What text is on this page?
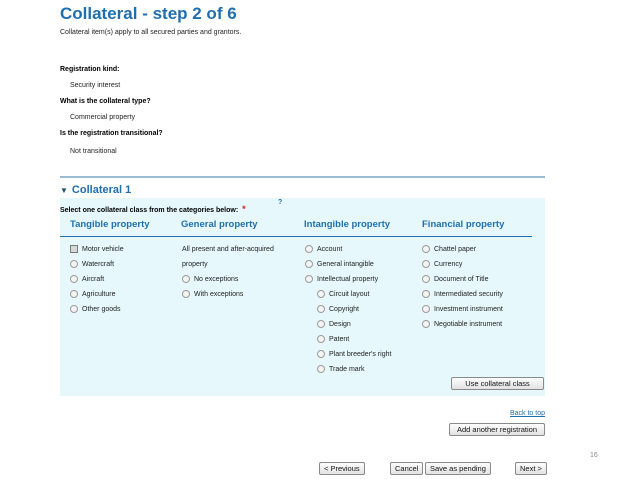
Collateral - step 2 of 6
Collateral item(s) apply to all secured parties and grantors.
Registration kind:
Security interest
What is the collateral type?
Commercial property
Is the registration transitional?
Not transitional
▼ Collateral 1
Select one collateral class from the categories below: *
?
Tangible property	General property	Intangible property	Financial property
Motor vehicle
Watercraft
Aircraft
Agriculture
Other goods
All present and after-acquired
property
No exceptions
With exceptions
Account
General intangible
Intellectual property
Circuit layout
Copyright
Design
Patent
Plant breeder's right
Trade mark
Chattel paper
Currency
Document of Title
Intermediated security
Investment instrument
Negotiable instrument
Use collateral class
Back to top
Add another registration
< Previous	Cancel	Save as pending	Next >
16
